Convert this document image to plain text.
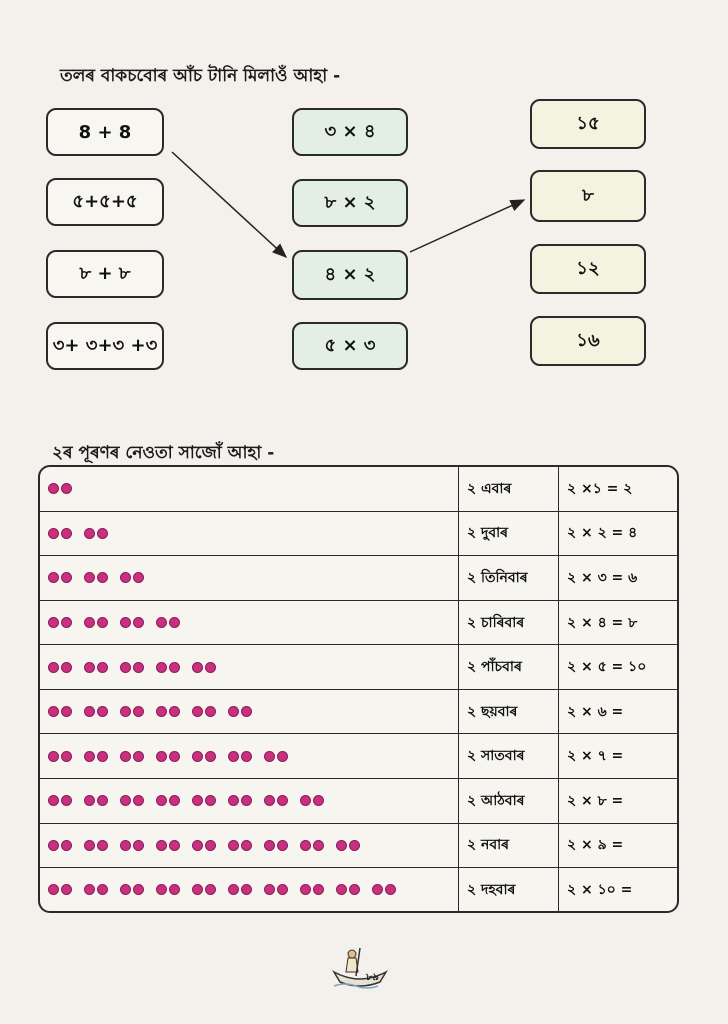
তলৰ বাকচবোৰ আঁচ টানি মিলাওঁ আহা -
8 + 8
৫+৫+৫
৮ + ৮
৩+ ৩+৩ +৩
৩ × ৪
৮ × ২
৪ × ২
৫ × ৩
১৫
৮
১২
১৬
২ৰ পূৰণৰ নেওতা সাজোঁ আহা -
	২ এবাৰ	২ ×১ = ২

	২ দুবাৰ	২ × ২ = ৪

	২ তিনিবাৰ	২ × ৩ = ৬

	২ চাৰিবাৰ	২ × ৪ = ৮

	২ পাঁচবাৰ	২ × ৫ = ১০

	২ ছয়বাৰ	২ × ৬ =

	২ সাতবাৰ	২ × ৭ =

	২ আঠবাৰ	২ × ৮ =

	২ নবাৰ	২ × ৯ =

	২ দহবাৰ	২ × ১০ =
৮৯
